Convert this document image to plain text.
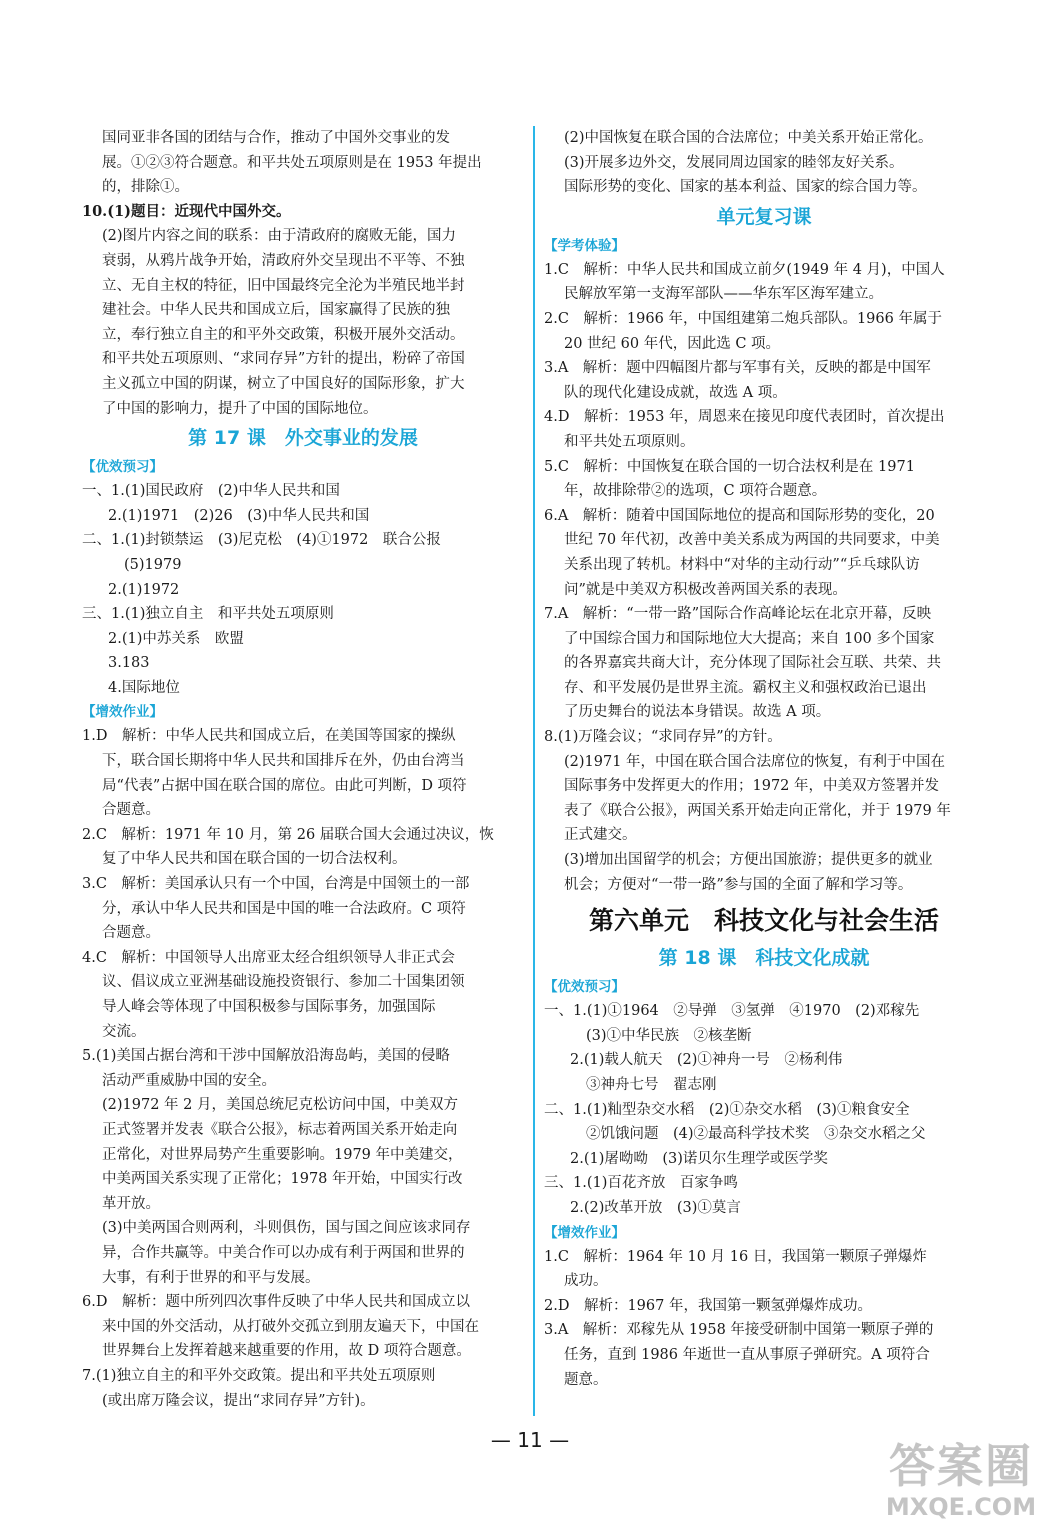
国同亚非各国的团结与合作，推动了中国外交事业的发
展。①②③符合题意。和平共处五项原则是在 1953 年提出
的，排除①。
10.(1)题目：近现代中国外交。
(2)图片内容之间的联系：由于清政府的腐败无能，国力
衰弱，从鸦片战争开始，清政府外交呈现出不平等、不独
立、无自主权的特征，旧中国最终完全沦为半殖民地半封
建社会。中华人民共和国成立后，国家赢得了民族的独
立，奉行独立自主的和平外交政策，积极开展外交活动。
和平共处五项原则、“求同存异”方针的提出，粉碎了帝国
主义孤立中国的阴谋，树立了中国良好的国际形象，扩大
了中国的影响力，提升了中国的国际地位。
第 17 课　外交事业的发展
【优效预习】
一、1.(1)国民政府　(2)中华人民共和国
2.(1)1971　(2)26　(3)中华人民共和国
二、1.(1)封锁禁运　(3)尼克松　(4)①1972　联合公报
(5)1979
2.(1)1972
三、1.(1)独立自主　和平共处五项原则
2.(1)中苏关系　欧盟
3.183
4.国际地位
【增效作业】
1.D　解析：中华人民共和国成立后，在美国等国家的操纵
下，联合国长期将中华人民共和国排斥在外，仍由台湾当
局“代表”占据中国在联合国的席位。由此可判断，D 项符
合题意。
2.C　解析：1971 年 10 月，第 26 届联合国大会通过决议，恢
复了中华人民共和国在联合国的一切合法权利。
3.C　解析：美国承认只有一个中国，台湾是中国领土的一部
分，承认中华人民共和国是中国的唯一合法政府。C 项符
合题意。
4.C　解析：中国领导人出席亚太经合组织领导人非正式会
议、倡议成立亚洲基础设施投资银行、参加二十国集团领
导人峰会等体现了中国积极参与国际事务，加强国际
交流。
5.(1)美国占据台湾和干涉中国解放沿海岛屿，美国的侵略
活动严重威胁中国的安全。
(2)1972 年 2 月，美国总统尼克松访问中国，中美双方
正式签署并发表《联合公报》，标志着两国关系开始走向
正常化，对世界局势产生重要影响。1979 年中美建交，
中美两国关系实现了正常化；1978 年开始，中国实行改
革开放。
(3)中美两国合则两利，斗则俱伤，国与国之间应该求同存
异，合作共赢等。中美合作可以办成有利于两国和世界的
大事，有利于世界的和平与发展。
6.D　解析：题中所列四次事件反映了中华人民共和国成立以
来中国的外交活动，从打破外交孤立到朋友遍天下，中国在
世界舞台上发挥着越来越重要的作用，故 D 项符合题意。
7.(1)独立自主的和平外交政策。提出和平共处五项原则
(或出席万隆会议，提出“求同存异”方针)。
(2)中国恢复在联合国的合法席位；中美关系开始正常化。
(3)开展多边外交，发展同周边国家的睦邻友好关系。
国际形势的变化、国家的基本利益、国家的综合国力等。
单元复习课
【学考体验】
1.C　解析：中华人民共和国成立前夕(1949 年 4 月)，中国人
民解放军第一支海军部队——华东军区海军建立。
2.C　解析：1966 年，中国组建第二炮兵部队。1966 年属于
20 世纪 60 年代，因此选 C 项。
3.A　解析：题中四幅图片都与军事有关，反映的都是中国军
队的现代化建设成就，故选 A 项。
4.D　解析：1953 年，周恩来在接见印度代表团时，首次提出
和平共处五项原则。
5.C　解析：中国恢复在联合国的一切合法权利是在 1971
年，故排除带②的选项，C 项符合题意。
6.A　解析：随着中国国际地位的提高和国际形势的变化，20
世纪 70 年代初，改善中美关系成为两国的共同要求，中美
关系出现了转机。材料中“对华的主动行动”“乒乓球队访
问”就是中美双方积极改善两国关系的表现。
7.A　解析：“一带一路”国际合作高峰论坛在北京开幕，反映
了中国综合国力和国际地位大大提高；来自 100 多个国家
的各界嘉宾共商大计，充分体现了国际社会互联、共荣、共
存、和平发展仍是世界主流。霸权主义和强权政治已退出
了历史舞台的说法本身错误。故选 A 项。
8.(1)万隆会议；“求同存异”的方针。
(2)1971 年，中国在联合国合法席位的恢复，有利于中国在
国际事务中发挥更大的作用；1972 年，中美双方签署并发
表了《联合公报》，两国关系开始走向正常化，并于 1979 年
正式建交。
(3)增加出国留学的机会；方便出国旅游；提供更多的就业
机会；方便对“一带一路”参与国的全面了解和学习等。
第六单元　科技文化与社会生活
第 18 课　科技文化成就
【优效预习】
一、1.(1)①1964　②导弹　③氢弹　④1970　(2)邓稼先
(3)①中华民族　②核垄断
2.(1)载人航天　(2)①神舟一号　②杨利伟
③神舟七号　翟志刚
二、1.(1)籼型杂交水稻　(2)①杂交水稻　(3)①粮食安全
②饥饿问题　(4)②最高科学技术奖　③杂交水稻之父
2.(1)屠呦呦　(3)诺贝尔生理学或医学奖
三、1.(1)百花齐放　百家争鸣
2.(2)改革开放　(3)①莫言
【增效作业】
1.C　解析：1964 年 10 月 16 日，我国第一颗原子弹爆炸
成功。
2.D　解析：1967 年，我国第一颗氢弹爆炸成功。
3.A　解析：邓稼先从 1958 年接受研制中国第一颗原子弹的
任务，直到 1986 年逝世一直从事原子弹研究。A 项符合
题意。
— 11 —	答案圈
MXQE.COM
